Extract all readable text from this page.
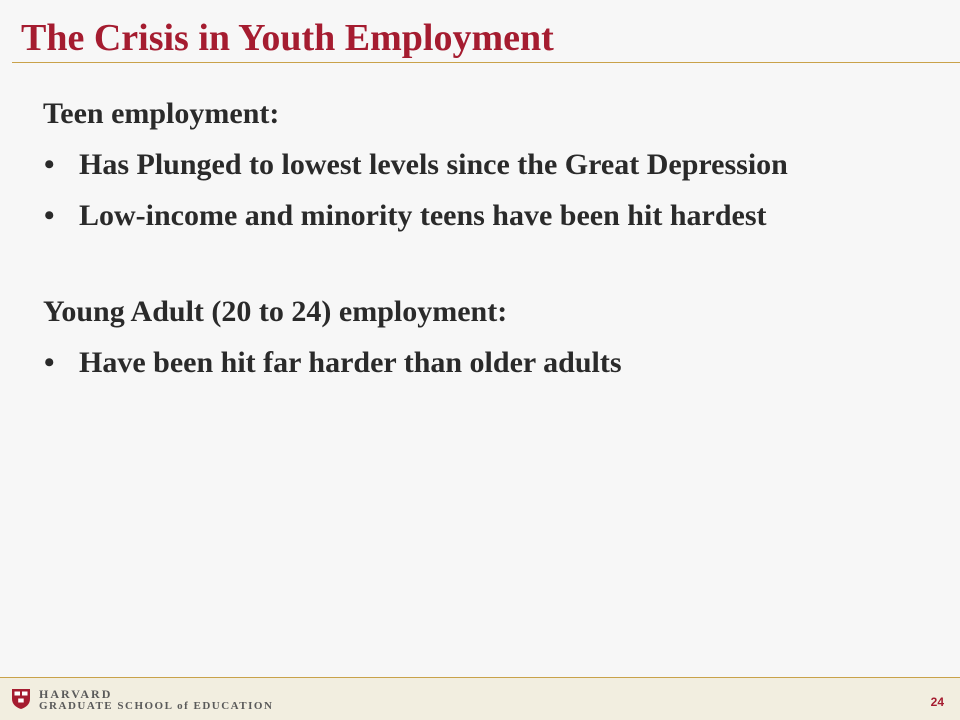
The Crisis in Youth Employment

Teen employment:

• Has Plunged to lowest levels since the Great Depression
• Low-income and minority teens have been hit hardest

Young Adult (20 to 24) employment:

• Have been hit far harder than older adults
HARVARD
GRADUATE SCHOOL of EDUCATION	24
